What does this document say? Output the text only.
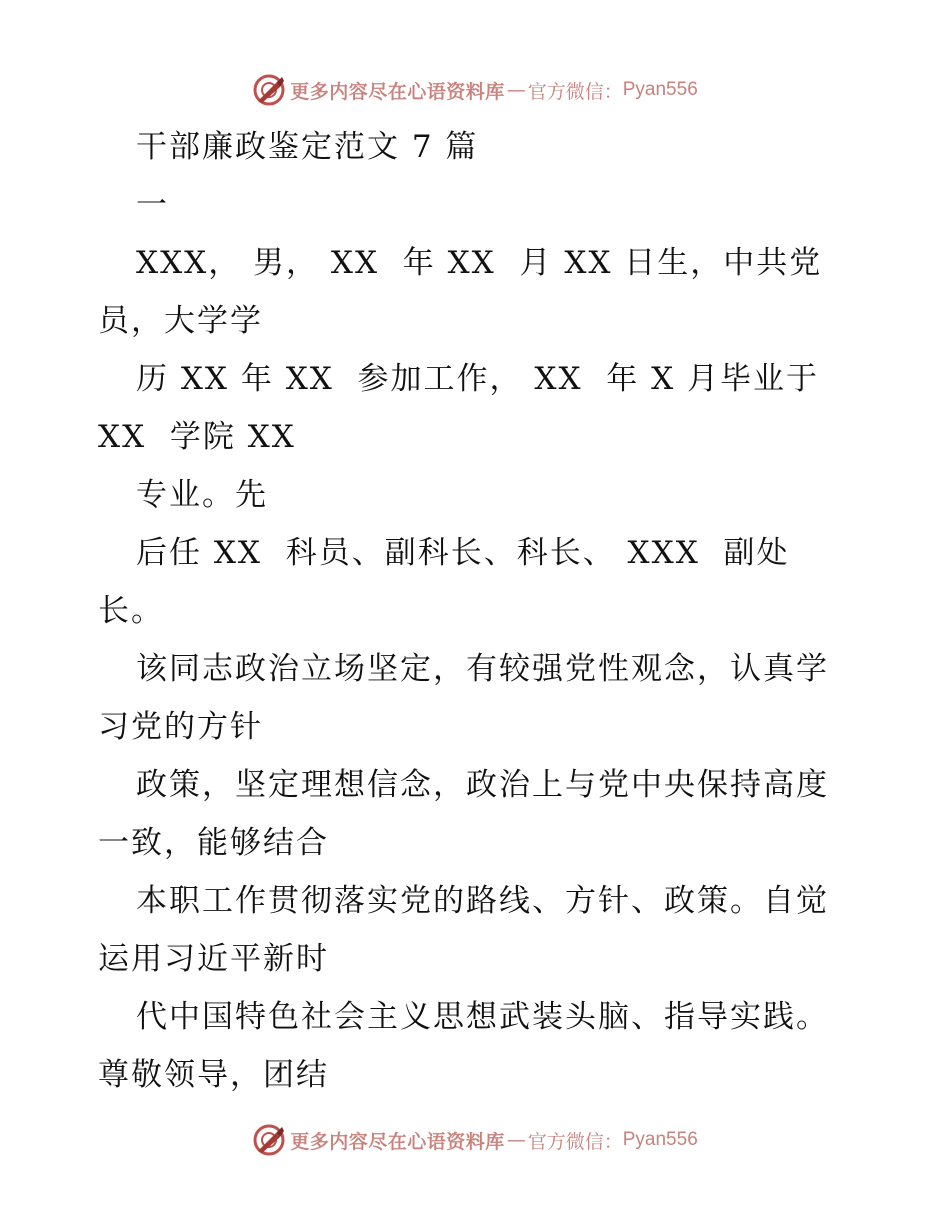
更多内容尽在心语资料库 — 官方微信： Pyan556
干部廉政鉴定范文 7 篇
一
XXX， 男， XX  年 XX  月 XX 日生，中共党
员，大学学
历 XX 年 XX  参加工作， XX  年 X 月毕业于
XX  学院 XX
专业。先
后任 XX  科员、副科长、科长、 XXX  副处
长。
该同志政治立场坚定，有较强党性观念，认真学
习党的方针
政策，坚定理想信念，政治上与党中央保持高度
一致，能够结合
本职工作贯彻落实党的路线、方针、政策。自觉
运用习近平新时
代中国特色社会主义思想武装头脑、指导实践。
尊敬领导，团结
更多内容尽在心语资料库 — 官方微信： Pyan556
